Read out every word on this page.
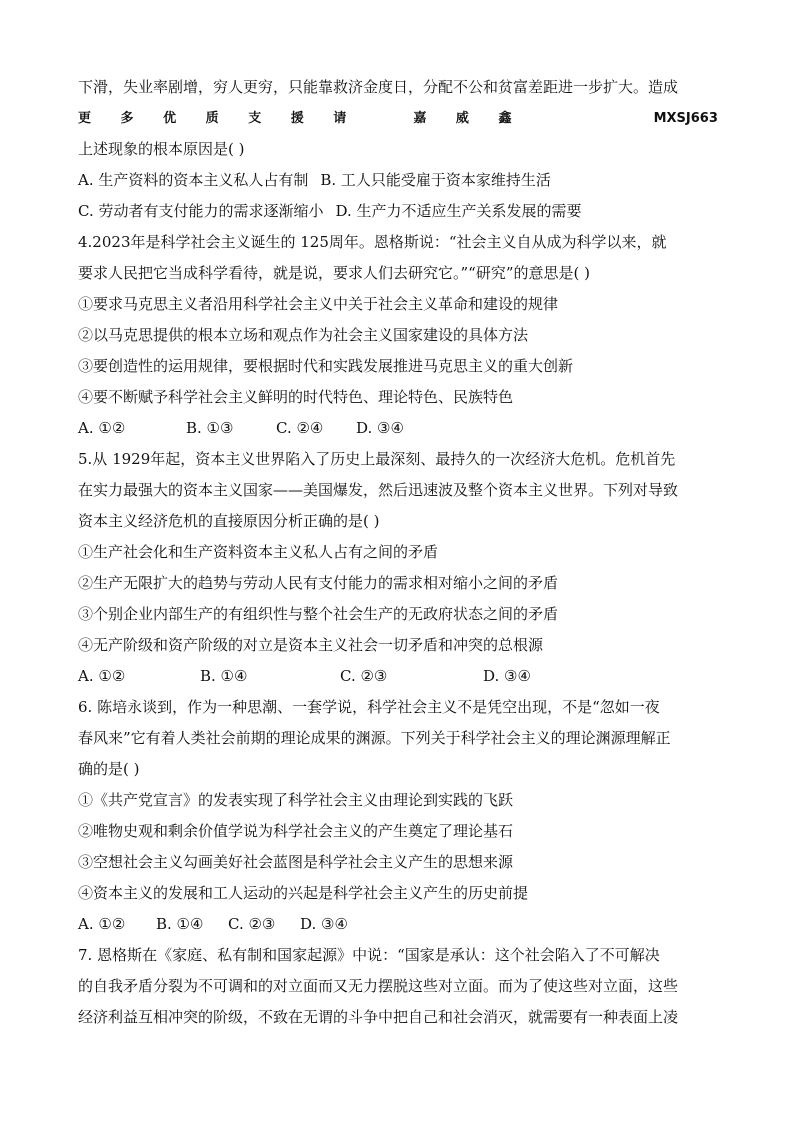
下滑，失业率剧增，穷人更穷，只能靠救济金度日，分配不公和贫富差距进一步扩大。造成
更 多 优 质 支 援 请	嘉 威 鑫	MXSJ663
上述现象的根本原因是( )
A. 生产资料的资本主义私人占有制 B. 工人只能受雇于资本家维持生活
C. 劳动者有支付能力的需求逐渐缩小 D. 生产力不适应生产关系发展的需要
4.2023年是科学社会主义诞生的 125周年。恩格斯说：“社会主义自从成为科学以来，就
要求人民把它当成科学看待，就是说，要求人们去研究它。”“研究”的意思是( )
①要求马克思主义者沿用科学社会主义中关于社会主义革命和建设的规律
②以马克思提供的根本立场和观点作为社会主义国家建设的具体方法
③要创造性的运用规律，要根据时代和实践发展推进马克思主义的重大创新
④要不断赋予科学社会主义鲜明的时代特色、理论特色、民族特色
A. ①②	B. ①③	C. ②④	D. ③④
5.从 1929年起，资本主义世界陷入了历史上最深刻、最持久的一次经济大危机。危机首先
在实力最强大的资本主义国家——美国爆发，然后迅速波及整个资本主义世界。下列对导致
资本主义经济危机的直接原因分析正确的是( )
①生产社会化和生产资料资本主义私人占有之间的矛盾
②生产无限扩大的趋势与劳动人民有支付能力的需求相对缩小之间的矛盾
③个别企业内部生产的有组织性与整个社会生产的无政府状态之间的矛盾
④无产阶级和资产阶级的对立是资本主义社会一切矛盾和冲突的总根源
A. ①②	B. ①④	C. ②③	D. ③④
6. 陈培永谈到，作为一种思潮、一套学说，科学社会主义不是凭空出现，不是“忽如一夜
春风来”它有着人类社会前期的理论成果的渊源。下列关于科学社会主义的理论渊源理解正
确的是( )
①《共产党宣言》的发表实现了科学社会主义由理论到实践的飞跃
②唯物史观和剩余价值学说为科学社会主义的产生奠定了理论基石
③空想社会主义勾画美好社会蓝图是科学社会主义产生的思想来源
④资本主义的发展和工人运动的兴起是科学社会主义产生的历史前提
A. ①②	B. ①④	C. ②③	D. ③④
7. 恩格斯在《家庭、私有制和国家起源》中说：“国家是承认：这个社会陷入了不可解决
的自我矛盾分裂为不可调和的对立面而又无力摆脱这些对立面。而为了使这些对立面，这些
经济利益互相冲突的阶级，不致在无谓的斗争中把自己和社会消灭，就需要有一种表面上凌
